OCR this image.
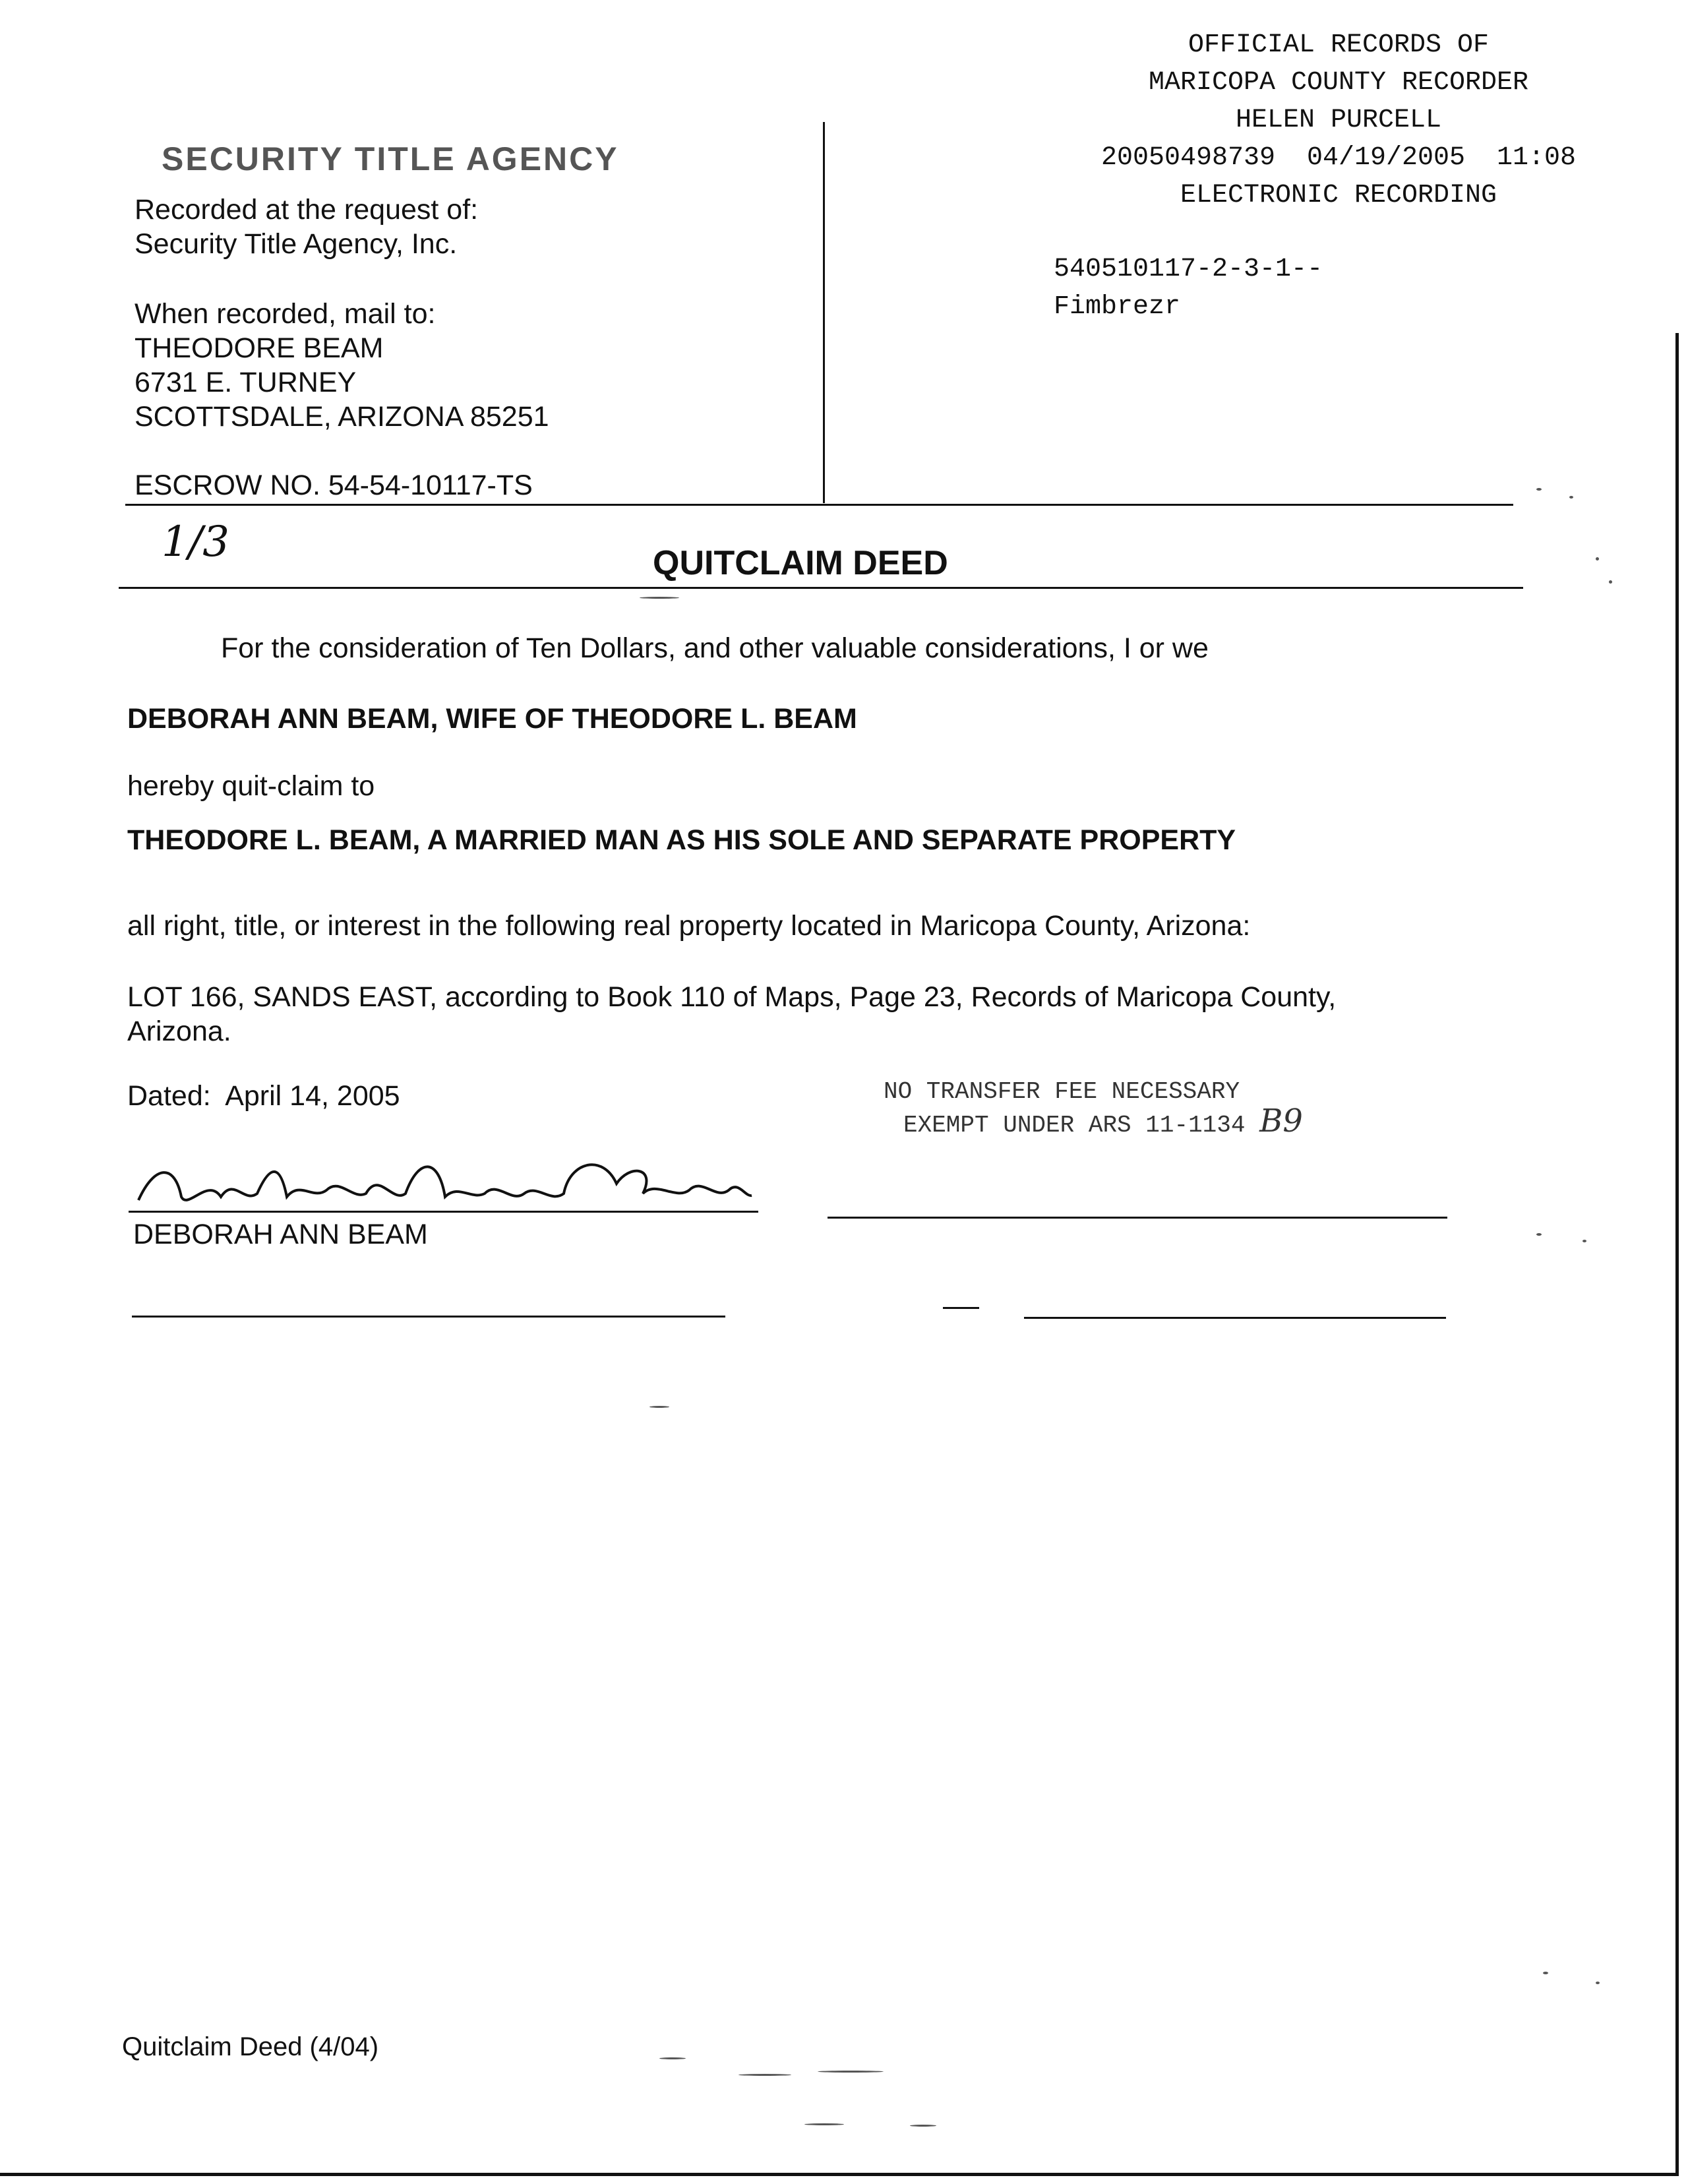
OFFICIAL RECORDS OF
MARICOPA COUNTY RECORDER
HELEN PURCELL
20050498739  04/19/2005  11:08
ELECTRONIC RECORDING
540510117-2-3-1--
Fimbrezr
SECURITY TITLE AGENCY
Recorded at the request of:
Security Title Agency, Inc.
When recorded, mail to:
THEODORE BEAM
6731 E. TURNEY
SCOTTSDALE, ARIZONA 85251
ESCROW NO. 54-54-10117-TS
1/3	QUITCLAIM DEED
For the consideration of Ten Dollars, and other valuable considerations, I or we
DEBORAH ANN BEAM, WIFE OF THEODORE L. BEAM
hereby quit-claim to
THEODORE L. BEAM, A MARRIED MAN AS HIS SOLE AND SEPARATE PROPERTY
all right, title, or interest in the following real property located in Maricopa County, Arizona:
LOT 166, SANDS EAST, according to Book 110 of Maps, Page 23, Records of Maricopa County,
Arizona.
Dated:  April 14, 2005	NO TRANSFER FEE NECESSARY
EXEMPT UNDER ARS 11-1134 B9
DEBORAH ANN BEAM
Quitclaim Deed (4/04)
